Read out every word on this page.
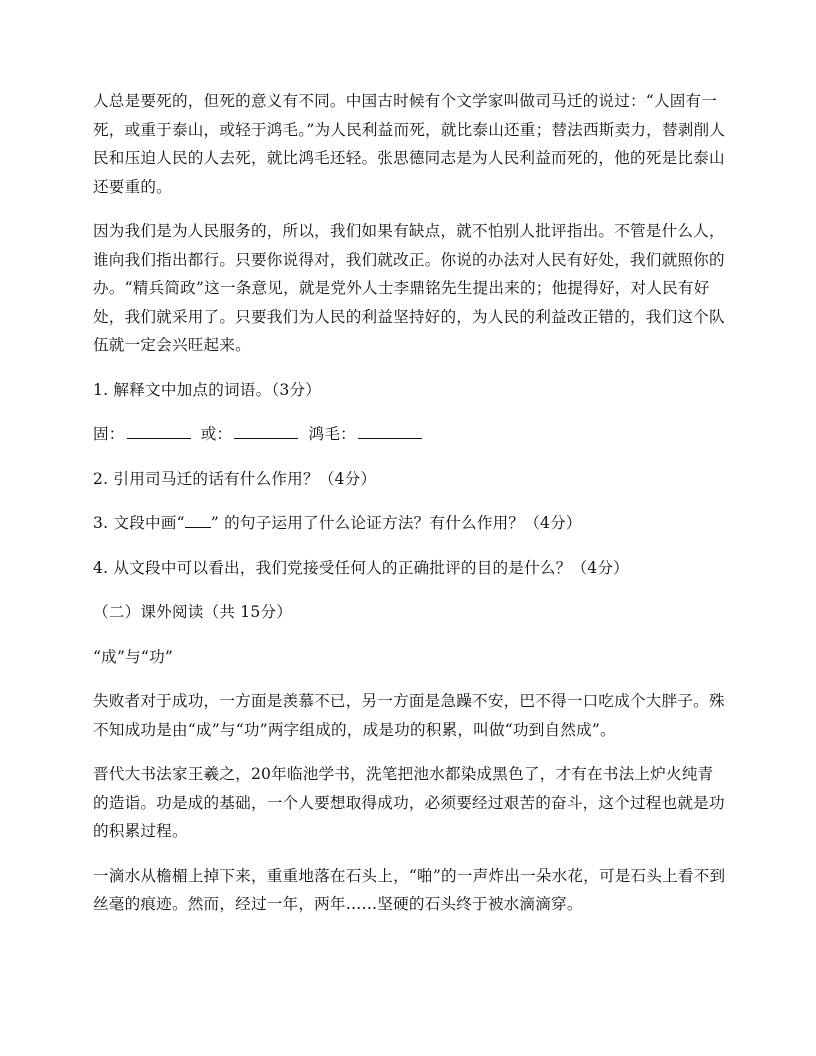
人总是要死的，但死的意义有不同。中国古时候有个文学家叫做司马迁的说过：“人固有一死，或重于泰山，或轻于鸿毛。”为人民利益而死，就比泰山还重；替法西斯卖力，替剥削人民和压迫人民的人去死，就比鸿毛还轻。张思德同志是为人民利益而死的，他的死是比泰山还要重的。

因为我们是为人民服务的，所以，我们如果有缺点，就不怕别人批评指出。不管是什么人，谁向我们指出都行。只要你说得对，我们就改正。你说的办法对人民有好处，我们就照你的办。“精兵简政”这一条意见，就是党外人士李鼎铭先生提出来的；他提得好，对人民有好处，我们就采用了。只要我们为人民的利益坚持好的，为人民的利益改正错的，我们这个队伍就一定会兴旺起来。

1. 解释文中加点的词语。（3分）
固：	或：	鸿毛：
2. 引用司马迁的话有什么作用？（4分）
3. 文段中画“ ” 的句子运用了什么论证方法？有什么作用？（4分）
4. 从文段中可以看出，我们党接受任何人的正确批评的目的是什么？（4分）
（二）课外阅读（共 15分）
“成”与“功”

失败者对于成功，一方面是羡慕不已，另一方面是急躁不安，巴不得一口吃成个大胖子。殊不知成功是由“成”与“功”两字组成的，成是功的积累，叫做“功到自然成”。

晋代大书法家王羲之，20年临池学书，洗笔把池水都染成黑色了，才有在书法上炉火纯青的造诣。功是成的基础，一个人要想取得成功，必须要经过艰苦的奋斗，这个过程也就是功的积累过程。

一滴水从檐楣上掉下来，重重地落在石头上，“啪”的一声炸出一朵水花，可是石头上看不到丝毫的痕迹。然而，经过一年，两年……坚硬的石头终于被水滴滴穿。
